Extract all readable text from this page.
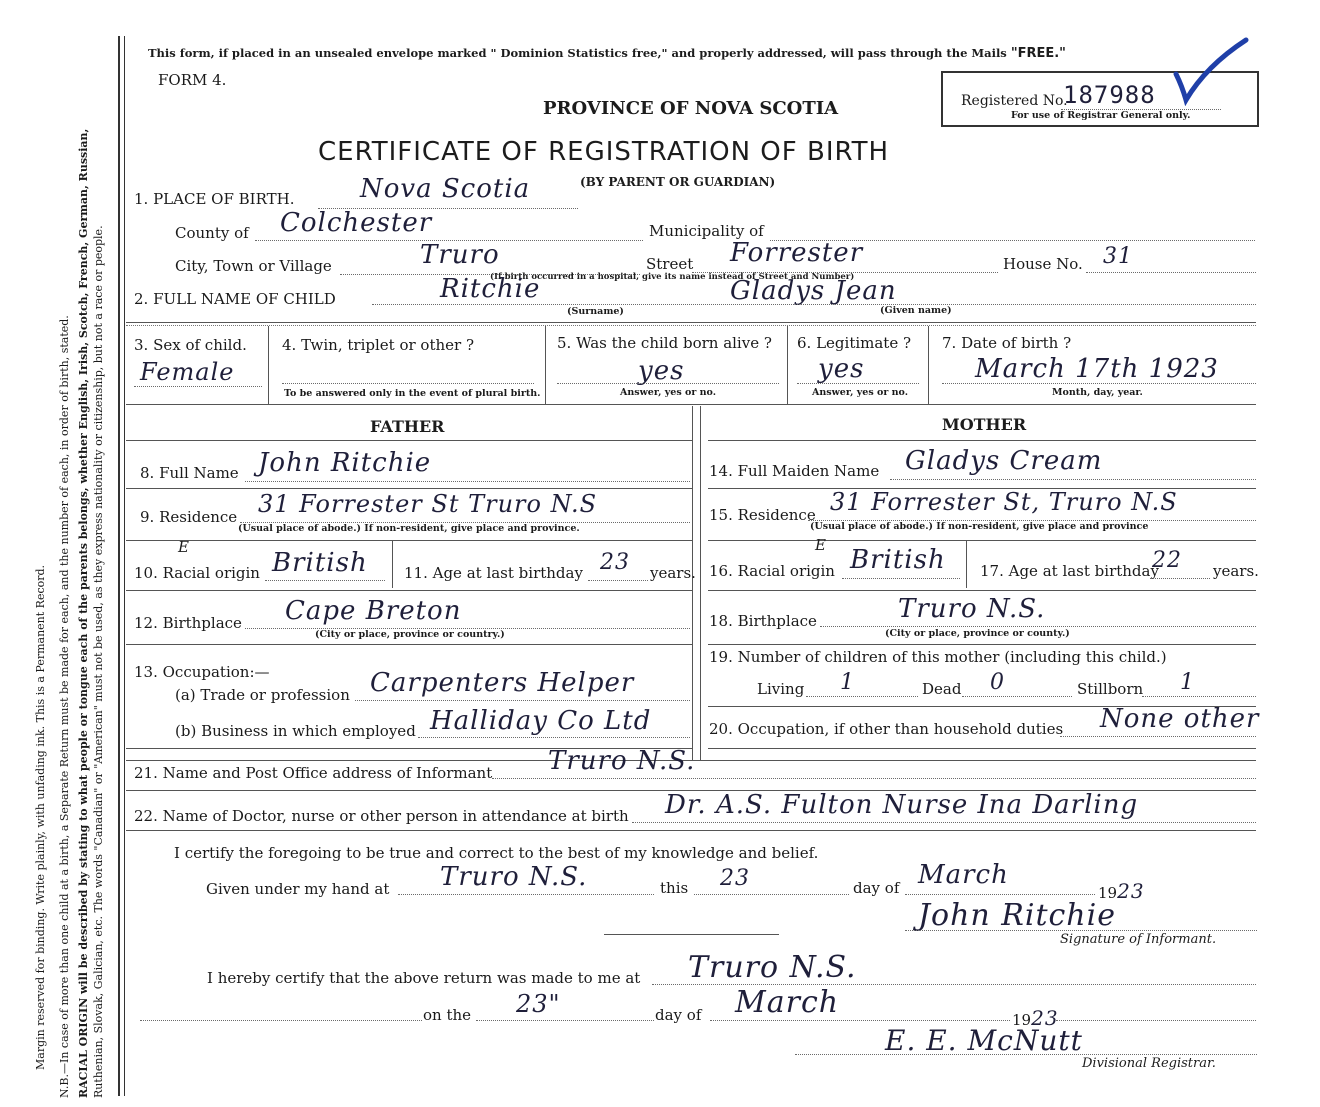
Ruthenian, Slovak, Galician, etc. The words "Canadian" or "American" must not be used, as they express nationality or citizenship, but not a race or people.
RACIAL ORIGIN will be described by stating to what people or tongue each of the parents belongs, whether English, Irish, Scotch, French, German, Russian,
N.B.—In case of more than one child at a birth, a Separate Return must be made for each, and the number of each, in order of birth, stated.
Margin reserved for binding. Write plainly, with unfading ink. This is a Permanent Record.
This form, if placed in an unsealed envelope marked " Dominion Statistics free," and properly addressed, will pass through the Mails "FREE."
FORM 4.
PROVINCE OF NOVA SCOTIA
CERTIFICATE OF REGISTRATION OF BIRTH
(BY PARENT OR GUARDIAN)
Registered No.
187988
For use of Registrar General only.
1. PLACE OF BIRTH.	Nova Scotia
County of Colchester	Municipality of
City, Town or Village	Truro	Street Forrester	House No. 31
(If birth occurred in a hospital, give its name instead of Street and Number)
2. FULL NAME OF CHILD	Ritchie	Gladys Jean
(Surname)	(Given name)
3. Sex of child.
Female
4. Twin, triplet or other ?
To be answered only in the event of plural birth.
5. Was the child born alive ?
yes
Answer, yes or no.
6. Legitimate ?
yes
Answer, yes or no.
7. Date of birth ?
March 17th 1923
Month, day, year.
FATHER	MOTHER
8. Full Name John Ritchie
9. Residence 31 Forrester St Truro N.S
(Usual place of abode.) If non-resident, give place and province.
E
10. Racial origin British 11. Age at last birthday 23 years.
12. Birthplace Cape Breton
(City or place, province or country.)
13. Occupation:—
(a) Trade or profession Carpenters Helper
(b) Business in which employed Halliday Co Ltd
14. Full Maiden Name Gladys Cream
15. Residence 31 Forrester St, Truro N.S
(Usual place of abode.) If non-resident, give place and province
E
16. Racial origin British 17. Age at last birthday
22 years.
18. Birthplace	Truro N.S.
(City or place, province or county.)
19. Number of children of this mother (including this child.)
Living 1	Dead 0	Stillborn 1
20. Occupation, if other than household duties None other
21. Name and Post Office address of Informant Truro N.S.
22. Name of Doctor, nurse or other person in attendance at birth Dr. A.S. Fulton Nurse Ina Darling
I certify the foregoing to be true and correct to the best of my knowledge and belief.
Given under my hand at Truro N.S.	this 23	day of March
1923
John Ritchie
Signature of Informant.
I hereby certify that the above return was made to me at Truro N.S.
on the 23"	day of March	1923
E. E. McNutt
Divisional Registrar.
